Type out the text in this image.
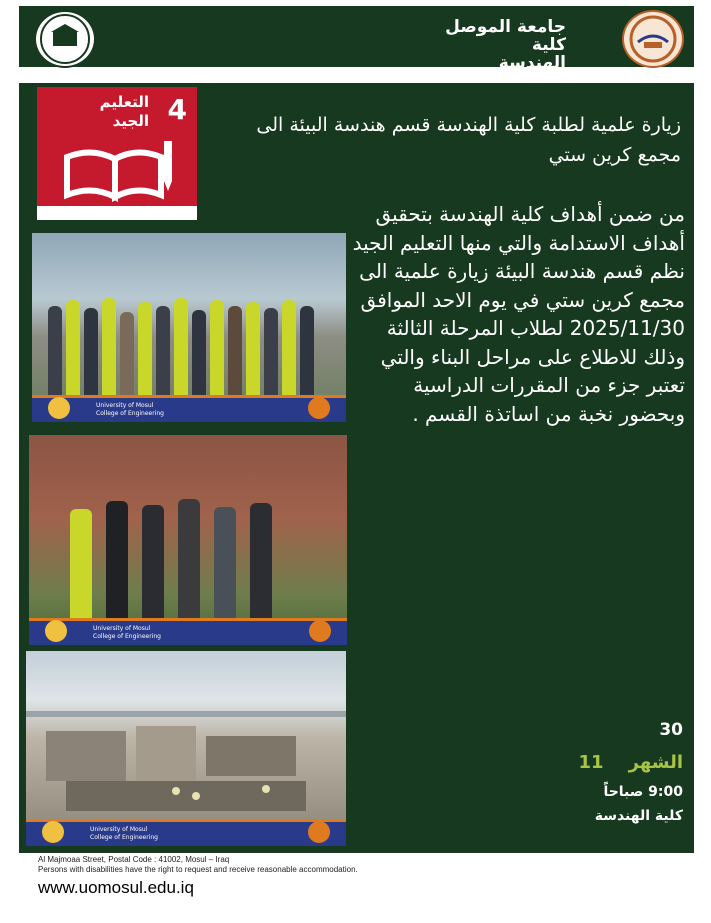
جامعة الموصل
كلية
الهندسة
4
التعليم
الجيد	زيارة علمية لطلبة كلية الهندسة قسم هندسة البيئة الى مجمع كرين ستي
من ضمن أهداف كلية الهندسة بتحقيق أهداف الاستدامة والتي منها التعليم الجيد نظم قسم هندسة البيئة زيارة علمية الى مجمع كرين ستي في يوم الاحد الموافق 2025/11/30 لطلاب المرحلة الثالثة وذلك للاطلاع على مراحل البناء والتي تعتبر جزء من المقررات الدراسية وبحضور نخبة من اساتذة القسم .
University of Mosul
College of Engineering
University of Mosul
College of Engineering
University of Mosul
College of Engineering
30
الشهر    11
9:00 صباحاً
كلية الهندسة
Al Majmoaa Street, Postal Code : 41002, Mosul – Iraq
Persons with disabilities have the right to request and receive reasonable accommodation.
www.uomosul.edu.iq
